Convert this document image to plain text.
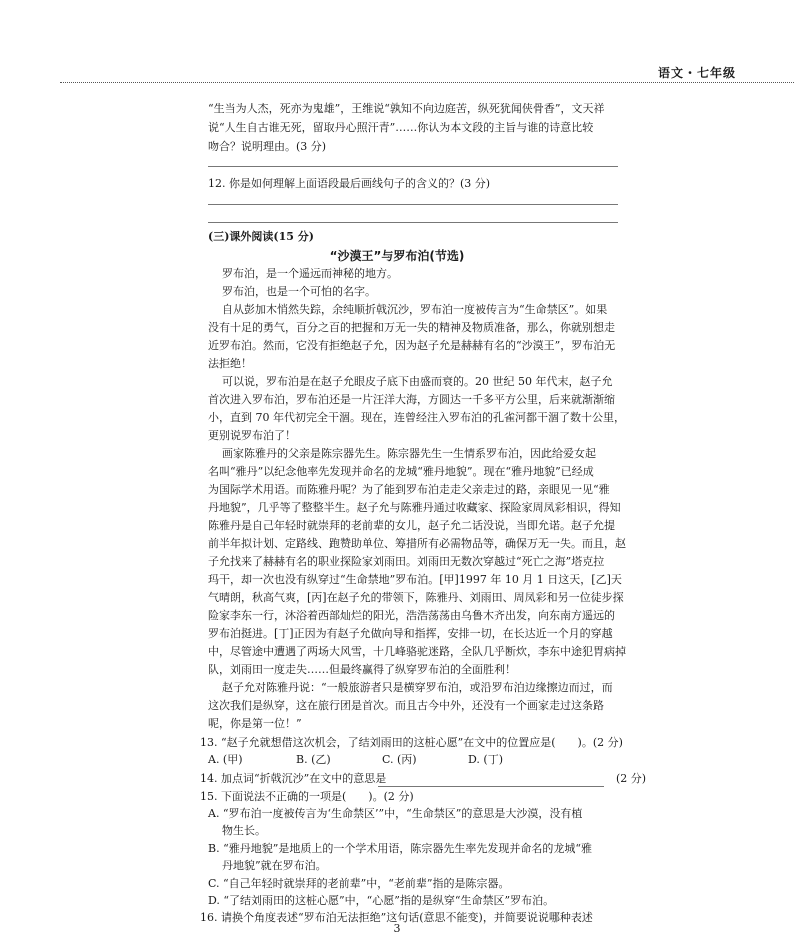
语文・七年级
“生当为人杰，死亦为鬼雄”，王维说“孰知不向边庭苦，纵死犹闻侠骨香”，文天祥
说“人生自古谁无死，留取丹心照汗青”……你认为本文段的主旨与谁的诗意比较
吻合？说明理由。(3 分)
12. 你是如何理解上面语段最后画线句子的含义的？(3 分)
(三)课外阅读(15 分)
“沙漠王”与罗布泊(节选)
罗布泊，是一个遥远而神秘的地方。
罗布泊，也是一个可怕的名字。
自从彭加木悄然失踪，余纯顺折戟沉沙，罗布泊一度被传言为“生命禁区”。如果
没有十足的勇气，百分之百的把握和万无一失的精神及物质准备，那么，你就别想走
近罗布泊。然而，它没有拒绝赵子允，因为赵子允是赫赫有名的“沙漠王”，罗布泊无
法拒绝！
可以说，罗布泊是在赵子允眼皮子底下由盛而衰的。20 世纪 50 年代末，赵子允
首次进入罗布泊，罗布泊还是一片汪洋大海，方圆达一千多平方公里，后来就渐渐缩
小，直到 70 年代初完全干涸。现在，连曾经注入罗布泊的孔雀河都干涸了数十公里，
更别说罗布泊了！
画家陈雅丹的父亲是陈宗器先生。陈宗器先生一生情系罗布泊，因此给爱女起
名叫“雅丹”以纪念他率先发现并命名的龙城“雅丹地貌”。现在“雅丹地貌”已经成
为国际学术用语。而陈雅丹呢？为了能到罗布泊走走父亲走过的路，亲眼见一见“雅
丹地貌”，几乎等了整整半生。赵子允与陈雅丹通过收藏家、探险家周凤彩相识，得知
陈雅丹是自己年轻时就崇拜的老前辈的女儿，赵子允二话没说，当即允诺。赵子允提
前半年拟计划、定路线、跑赞助单位、筹措所有必需物品等，确保万无一失。而且，赵
子允找来了赫赫有名的职业探险家刘雨田。刘雨田无数次穿越过“死亡之海”塔克拉
玛干，却一次也没有纵穿过“生命禁地”罗布泊。[甲]1997 年 10 月 1 日这天，[乙]天
气晴朗，秋高气爽，[丙]在赵子允的带领下，陈雅丹、刘雨田、周凤彩和另一位徒步探
险家李东一行，沐浴着西部灿烂的阳光，浩浩荡荡由乌鲁木齐出发，向东南方遥远的
罗布泊挺进。[丁]正因为有赵子允做向导和指挥，安排一切，在长达近一个月的穿越
中，尽管途中遭遇了两场大风雪，十几峰骆驼迷路，全队几乎断炊，李东中途犯胃病掉
队，刘雨田一度走失……但最终赢得了纵穿罗布泊的全面胜利！
赵子允对陈雅丹说：“一般旅游者只是横穿罗布泊，或沿罗布泊边缘擦边而过，而
这次我们是纵穿，这在旅行团是首次。而且古今中外，还没有一个画家走过这条路
呢，你是第一位！”
13. “赵子允就想借这次机会，了结刘雨田的这桩心愿”在文中的位置应是(　　)。(2 分)
A. (甲)	B. (乙)	C. (丙)	D. (丁)
14. 加点词“折戟沉沙”在文中的意思是	(2 分)
15. 下面说法不正确的一项是(　　)。(2 分)
A. “罗布泊一度被传言为‘生命禁区’”中，“生命禁区”的意思是大沙漠，没有植
物生长。
B. “雅丹地貌”是地质上的一个学术用语，陈宗器先生率先发现并命名的龙城“雅
丹地貌”就在罗布泊。
C. “自己年轻时就崇拜的老前辈”中，“老前辈”指的是陈宗器。
D. “了结刘雨田的这桩心愿”中，“心愿”指的是纵穿“生命禁区”罗布泊。
16. 请换个角度表述“罗布泊无法拒绝”这句话(意思不能变)，并简要说说哪种表述
3
